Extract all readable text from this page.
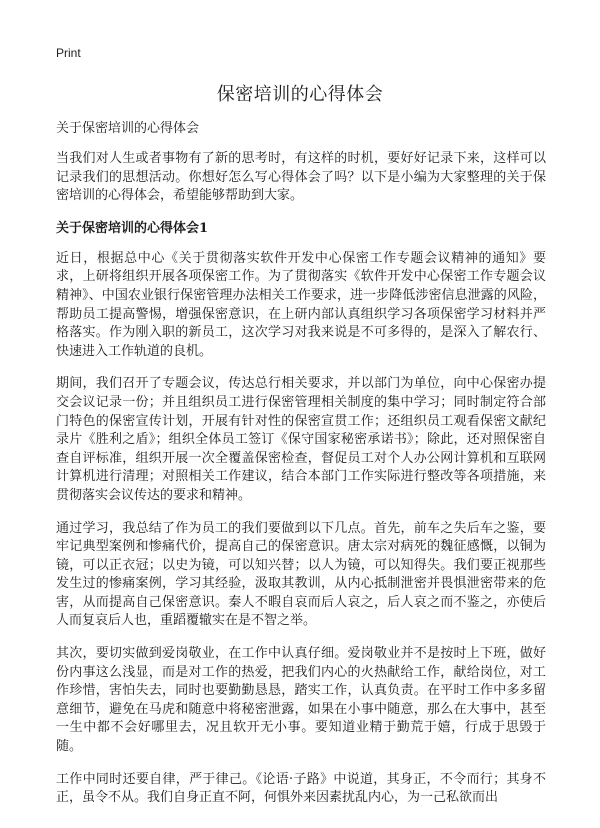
Print
保密培训的心得体会
关于保密培训的心得体会

当我们对人生或者事物有了新的思考时，有这样的时机，要好好记录下来，这样可以记录我们的思想活动。你想好怎么写心得体会了吗？以下是小编为大家整理的关于保密培训的心得体会，希望能够帮助到大家。

关于保密培训的心得体会1

近日，根据总中心《关于贯彻落实软件开发中心保密工作专题会议精神的通知》要求，上研将组织开展各项保密工作。为了贯彻落实《软件开发中心保密工作专题会议精神》、中国农业银行保密管理办法相关工作要求，进一步降低涉密信息泄露的风险，帮助员工提高警惕，增强保密意识，在上研内部认真组织学习各项保密学习材料并严格落实。作为刚入职的新员工，这次学习对我来说是不可多得的，是深入了解农行、快速进入工作轨道的良机。

期间，我们召开了专题会议，传达总行相关要求，并以部门为单位，向中心保密办提交会议记录一份；并且组织员工进行保密管理相关制度的集中学习；同时制定符合部门特色的保密宣传计划，开展有针对性的保密宣贯工作；还组织员工观看保密文献纪录片《胜利之盾》；组织全体员工签订《保守国家秘密承诺书》；除此，还对照保密自查自评标准，组织开展一次全覆盖保密检查，督促员工对个人办公网计算机和互联网计算机进行清理；对照相关工作建议，结合本部门工作实际进行整改等各项措施，来贯彻落实会议传达的要求和精神。

通过学习，我总结了作为员工的我们要做到以下几点。首先，前车之失后车之鉴，要牢记典型案例和惨痛代价，提高自己的保密意识。唐太宗对病死的魏征感慨，以铜为镜，可以正衣冠；以史为镜，可以知兴替；以人为镜，可以知得失。我们要正视那些发生过的惨痛案例，学习其经验，汲取其教训，从内心抵制泄密并畏惧泄密带来的危害，从而提高自己保密意识。秦人不暇自哀而后人哀之，后人哀之而不鉴之，亦使后人而复哀后人也，重蹈覆辙实在是不智之举。

其次，要切实做到爱岗敬业，在工作中认真仔细。爱岗敬业并不是按时上下班，做好份内事这么浅显，而是对工作的热爱，把我们内心的火热献给工作，献给岗位，对工作珍惜，害怕失去，同时也要勤勤恳恳，踏实工作，认真负责。在平时工作中多多留意细节，避免在马虎和随意中将秘密泄露，如果在小事中随意，那么在大事中，甚至一生中都不会好哪里去，况且软开无小事。要知道业精于勤荒于嬉，行成于思毁于随。

工作中同时还要自律，严于律己。《论语·子路》中说道，其身正，不令而行；其身不正，虽令不从。我们自身正直不阿，何惧外来因素扰乱内心，为一己私欲而出
